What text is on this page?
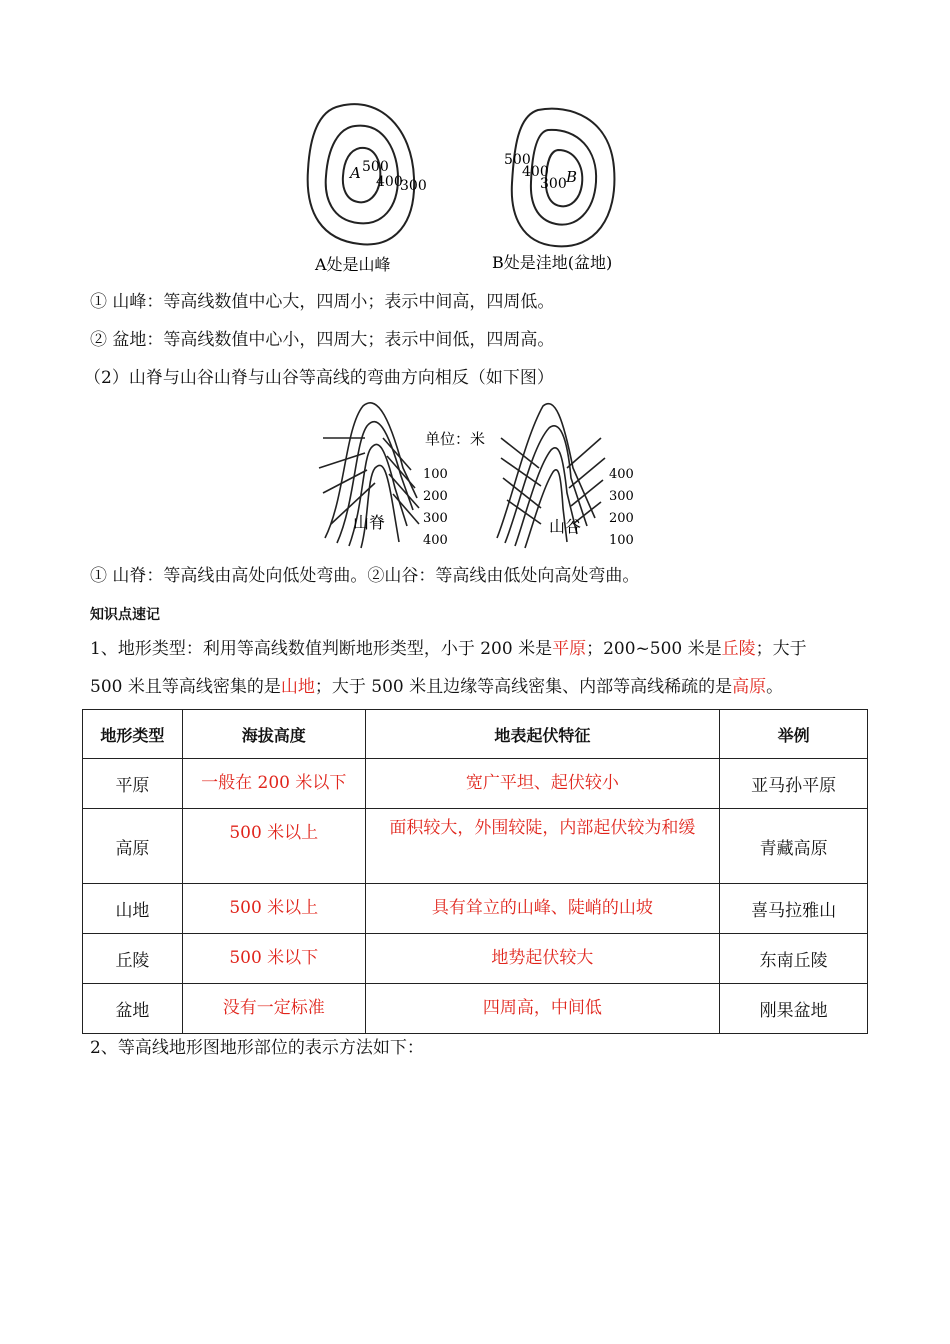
A 500
400
300
500
400
300 B
A处是山峰	B处是洼地(盆地)
① 山峰：等高线数值中心大，四周小；表示中间高，四周低。
② 盆地：等高线数值中心小，四周大；表示中间低，四周高。
（2）山脊与山谷山脊与山谷等高线的弯曲方向相反（如下图）
单位：米
100
200
300
400
山脊
400
300
200
100
山谷
① 山脊：等高线由高处向低处弯曲。②山谷：等高线由低处向高处弯曲。
知识点速记
1、地形类型：利用等高线数值判断地形类型，小于 200 米是平原；200~500 米是丘陵；大于
500 米且等高线密集的是山地；大于 500 米且边缘等高线密集、内部等高线稀疏的是高原。
地形类型	海拔高度	地表起伏特征	举例
平原	一般在 200 米以下	宽广平坦、起伏较小	亚马孙平原
高原	500 米以上	面积较大，外围较陡，内部起伏较为和缓	青藏高原
山地	500 米以上	具有耸立的山峰、陡峭的山坡	喜马拉雅山
丘陵	500 米以下	地势起伏较大	东南丘陵
盆地	没有一定标准	四周高，中间低	刚果盆地
2、等高线地形图地形部位的表示方法如下：
